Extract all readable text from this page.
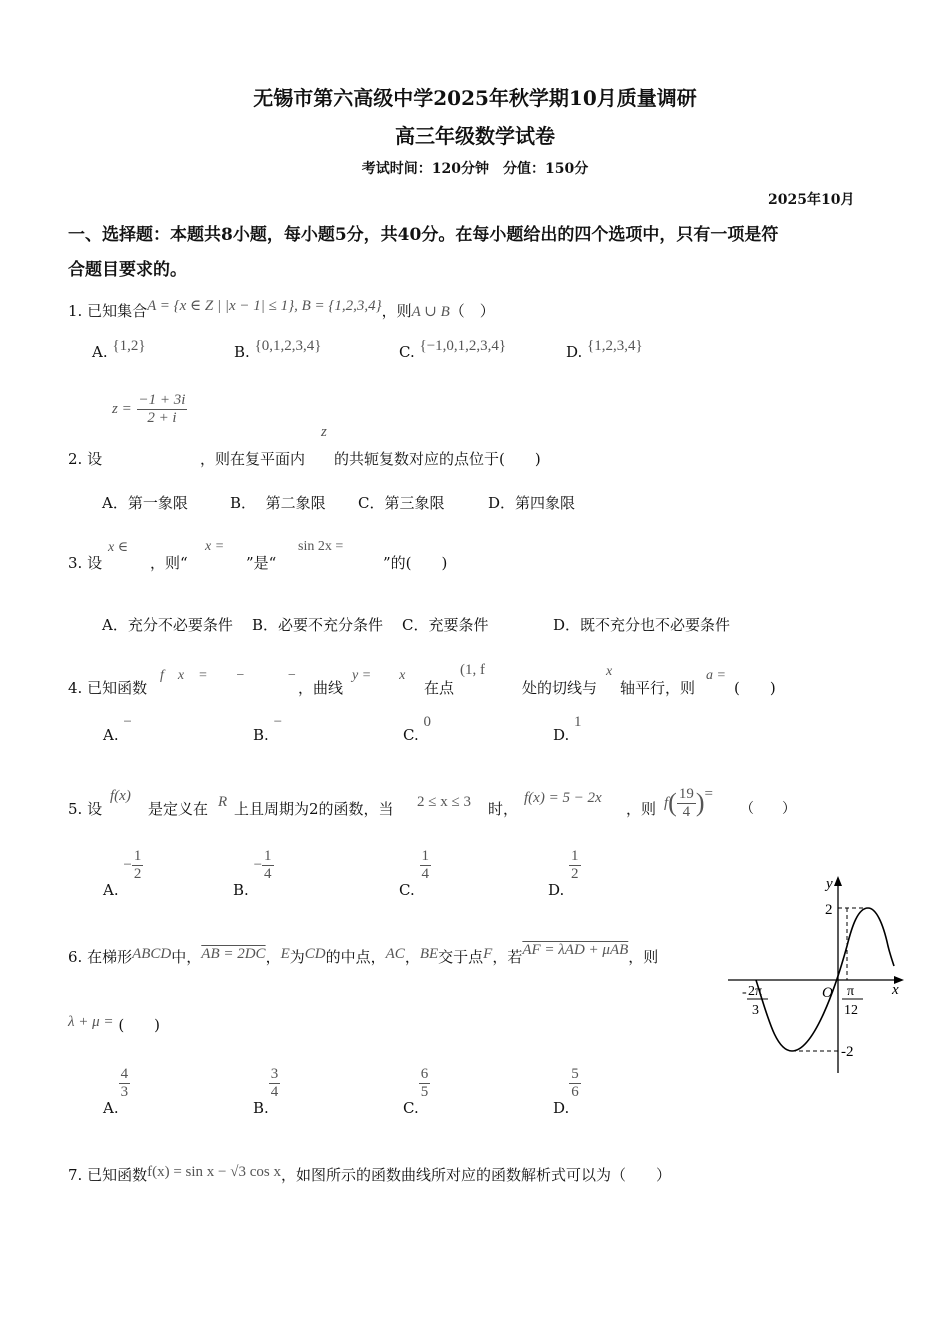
无锡市第六高级中学2025年秋学期10月质量调研
高三年级数学试卷
考试时间：120分钟　分值：150分
2025年10月
一、选择题：本题共8小题，每小题5分，共40分。在每小题给出的四个选项中，只有一项是符
合题目要求的。
1. 已知集合A = {x ∈ Z | |x − 1| ≤ 1}, B = {1,2,3,4}，则A ∪ B（　）
A. {1,2}	B. {0,1,2,3,4}	C. {−1,0,1,2,3,4}	D. {1,2,3,4}
$z = \frac{-1 + 3i}{2 + i}$
z
2. 设	，则在复平面内 的共轭复数对应的点位于(　　)
A．第一象限	B． 第二象限 C．第三象限	D．第四象限
3. 设
x ∈
，则“
x =
”是“
sin 2x =
”的(　　)
A．充分不必要条件 B．必要不充分条件 C．充要条件	D．既不充分也不必要条件
4. 已知函数
f　x　=　　−　　　−
，曲线
y =　　x
在点
(1, f
处的切线与
x
轴平行，则
a =
(　　)
A. −
B. −
C. 0
D. 1
5. 设
f(x)
是定义在 R 上且周期为2的函数，当 2 ≤ x ≤ 3 时，
f(x) = 5 − 2x
，则 $f( \frac{19}{4}$ )=
（　　）
A. − $\frac{1}{2}$
B. − $\frac{1}{4}$
C.
$\frac{1}{4}$
D.
$\frac{1}{2}$
6. 在梯形ABCD中，AB = 2DC，E为CD的中点，AC，BE交于点F，若AF = λAD + μAB，则
λ + μ = (　　)
A.
$\frac{4}{3}$
B.
$\frac{3}{4}$
C.
$\frac{6}{5}$
D.
$\frac{5}{6}$
7. 已知函数f(x) = sin x − √3 cos x，如图所示的函数曲线所对应的函数解析式可以为（　　）
y
x
O
2
-2
- 2π
3
π
12
